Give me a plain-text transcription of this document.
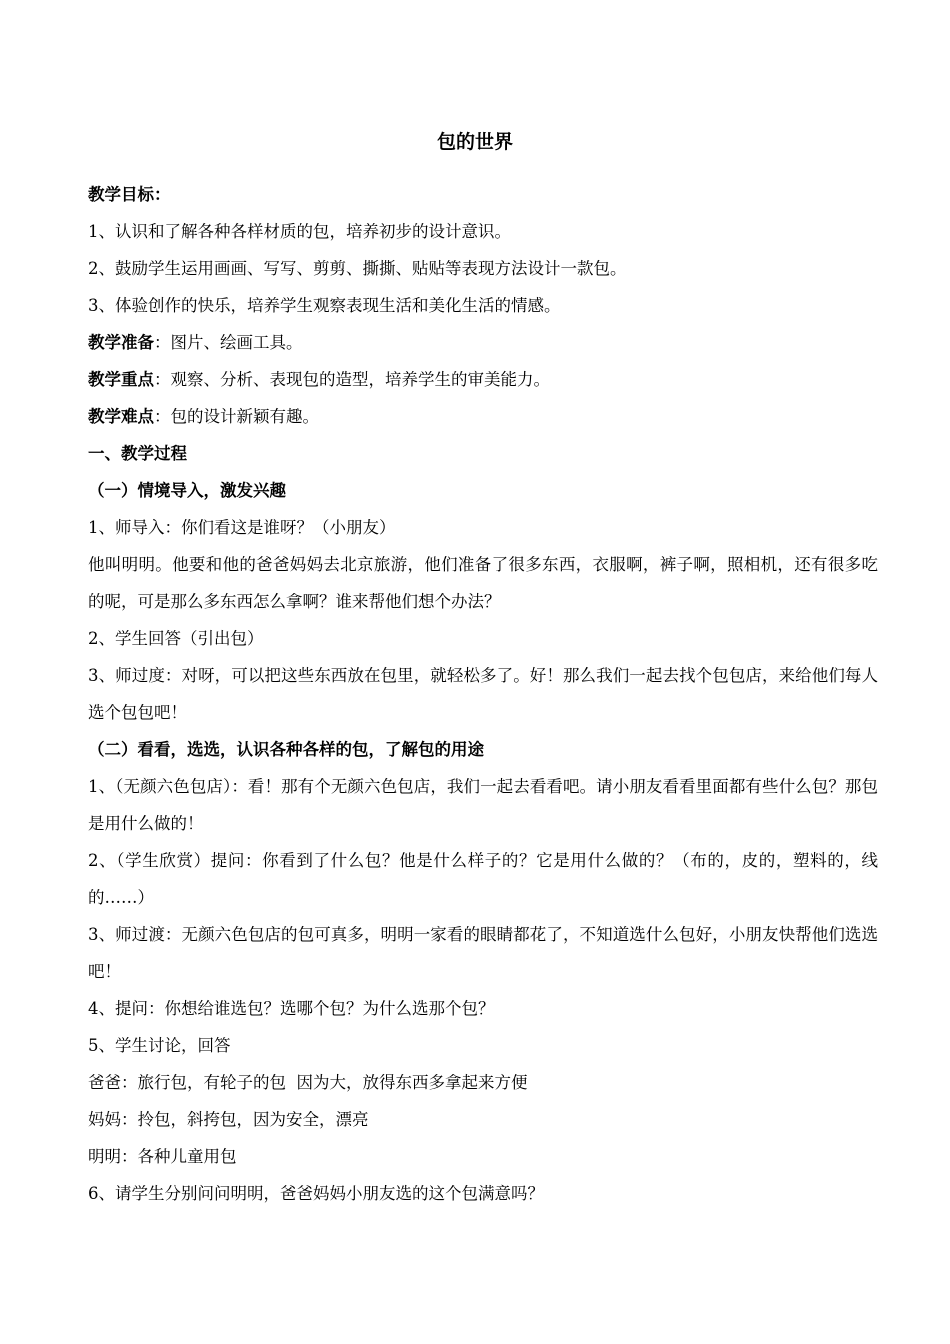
包的世界
教学目标：
1、认识和了解各种各样材质的包，培养初步的设计意识。
2、鼓励学生运用画画、写写、剪剪、撕撕、贴贴等表现方法设计一款包。
3、体验创作的快乐，培养学生观察表现生活和美化生活的情感。
教学准备：图片、绘画工具。
教学重点：观察、分析、表现包的造型，培养学生的审美能力。
教学难点：包的设计新颖有趣。
一、教学过程
（一）情境导入，激发兴趣
1、师导入：你们看这是谁呀？（小朋友）
他叫明明。他要和他的爸爸妈妈去北京旅游，他们准备了很多东西，衣服啊，裤子啊，照相机，还有很多吃的呢，可是那么多东西怎么拿啊？谁来帮他们想个办法？
2、学生回答（引出包）
3、师过度：对呀，可以把这些东西放在包里，就轻松多了。好！那么我们一起去找个包包店，来给他们每人选个包包吧！
（二）看看，选选，认识各种各样的包，了解包的用途
1、（无颜六色包店）：看！那有个无颜六色包店，我们一起去看看吧。请小朋友看看里面都有些什么包？那包是用什么做的！
2、（学生欣赏）提问：你看到了什么包？他是什么样子的？它是用什么做的？（布的，皮的，塑料的，线的……）
3、师过渡：无颜六色包店的包可真多，明明一家看的眼睛都花了，不知道选什么包好，小朋友快帮他们选选吧！
4、提问：你想给谁选包？选哪个包？为什么选那个包？
5、学生讨论，回答
爸爸：旅行包，有轮子的包  因为大，放得东西多拿起来方便
妈妈：拎包，斜挎包，因为安全，漂亮
明明：各种儿童用包
6、请学生分别问问明明，爸爸妈妈小朋友选的这个包满意吗？
